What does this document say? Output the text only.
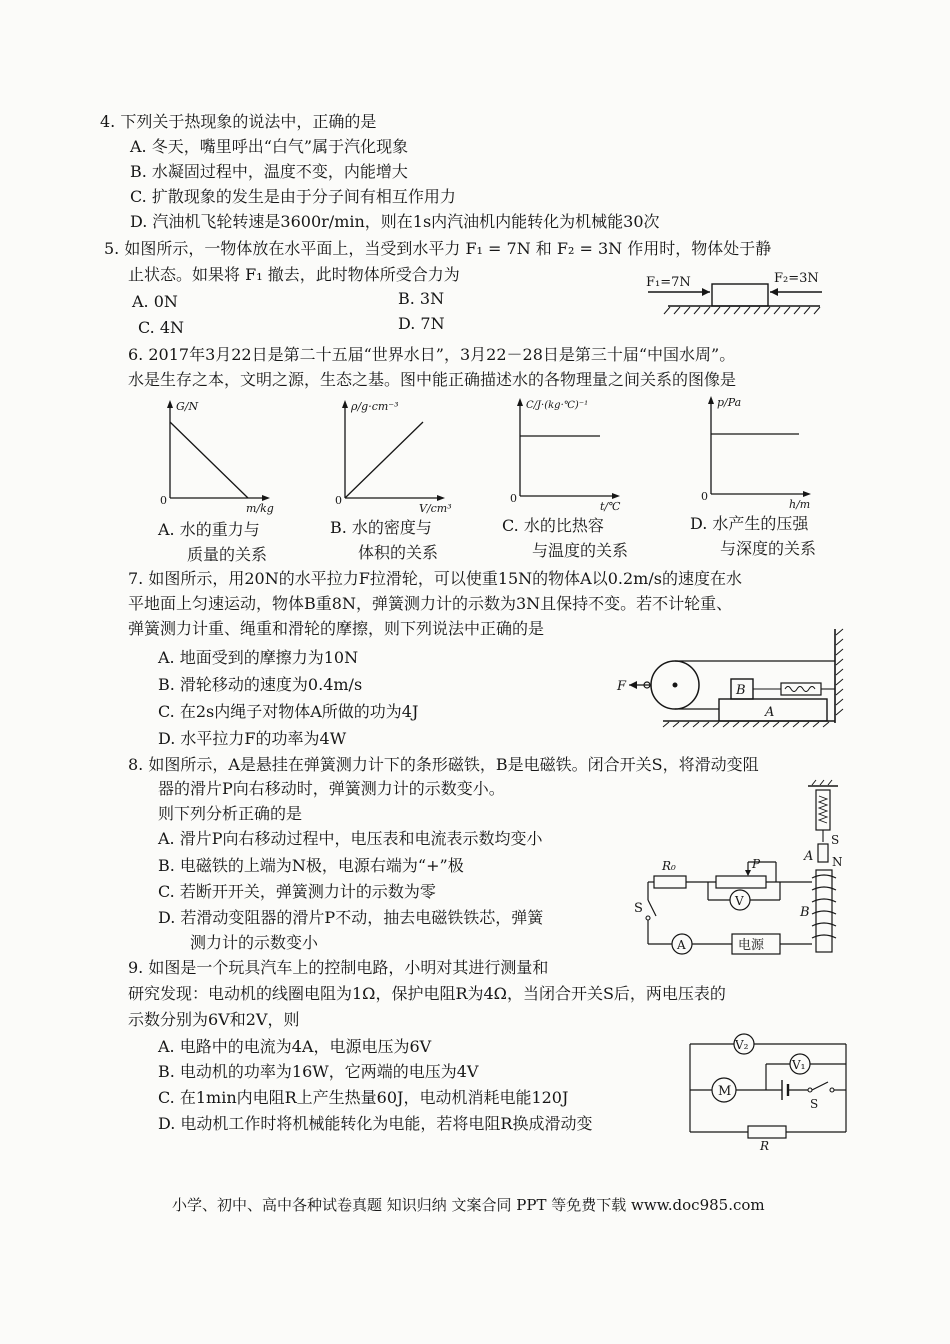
4. 下列关于热现象的说法中，正确的是
A. 冬天，嘴里呼出“白气”属于汽化现象
B. 水凝固过程中，温度不变，内能增大
C. 扩散现象的发生是由于分子间有相互作用力
D. 汽油机飞轮转速是3600r/min，则在1s内汽油机内能转化为机械能30次
5. 如图所示，一物体放在水平面上，当受到水平力 F₁ = 7N 和 F₂ = 3N 作用时，物体处于静
止状态。如果将 F₁ 撤去，此时物体所受合力为
A. 0N	B. 3N
C. 4N	D. 7N
F₁=7N	F₂=3N
6. 2017年3月22日是第二十五届“世界水日”，3月22－28日是第三十届“中国水周”。
水是生存之本，文明之源，生态之基。图中能正确描述水的各物理量之间关系的图像是
G/N
0
m/kg
A. 水的重力与
质量的关系
ρ/g·cm⁻³
0
V/cm³
B. 水的密度与
体积的关系
C/J·(kg·℃)⁻¹
0
t/℃
C. 水的比热容
与温度的关系
p/Pa
0
h/m
D. 水产生的压强
与深度的关系
7. 如图所示，用20N的水平拉力F拉滑轮，可以使重15N的物体A以0.2m/s的速度在水
平地面上匀速运动，物体B重8N，弹簧测力计的示数为3N且保持不变。若不计轮重、
弹簧测力计重、绳重和滑轮的摩擦，则下列说法中正确的是
A. 地面受到的摩擦力为10N
B. 滑轮移动的速度为0.4m/s
C. 在2s内绳子对物体A所做的功为4J
D. 水平拉力F的功率为4W
F
A
B
8. 如图所示，A是悬挂在弹簧测力计下的条形磁铁，B是电磁铁。闭合开关S，将滑动变阻
器的滑片P向右移动时，弹簧测力计的示数变小。
则下列分析正确的是
A. 滑片P向右移动过程中，电压表和电流表示数均变小
B. 电磁铁的上端为N极，电源右端为“+”极
C. 若断开开关，弹簧测力计的示数为零
D. 若滑动变阻器的滑片P不动，抽去电磁铁铁芯，弹簧
测力计的示数变小
S
A N
B
R₀	P
V
S
A	电源
9. 如图是一个玩具汽车上的控制电路，小明对其进行测量和
研究发现：电动机的线圈电阻为1Ω，保护电阻R为4Ω，当闭合开关S后，两电压表的
示数分别为6V和2V，则
A. 电路中的电流为4A，电源电压为6V
B. 电动机的功率为16W，它两端的电压为4V
C. 在1min内电阻R上产生热量60J，电动机消耗电能120J
D. 电动机工作时将机械能转化为电能，若将电阻R换成滑动变
V₂
V₁
M
S
R
小学、初中、高中各种试卷真题 知识归纳 文案合同 PPT 等免费下载 www.doc985.com
